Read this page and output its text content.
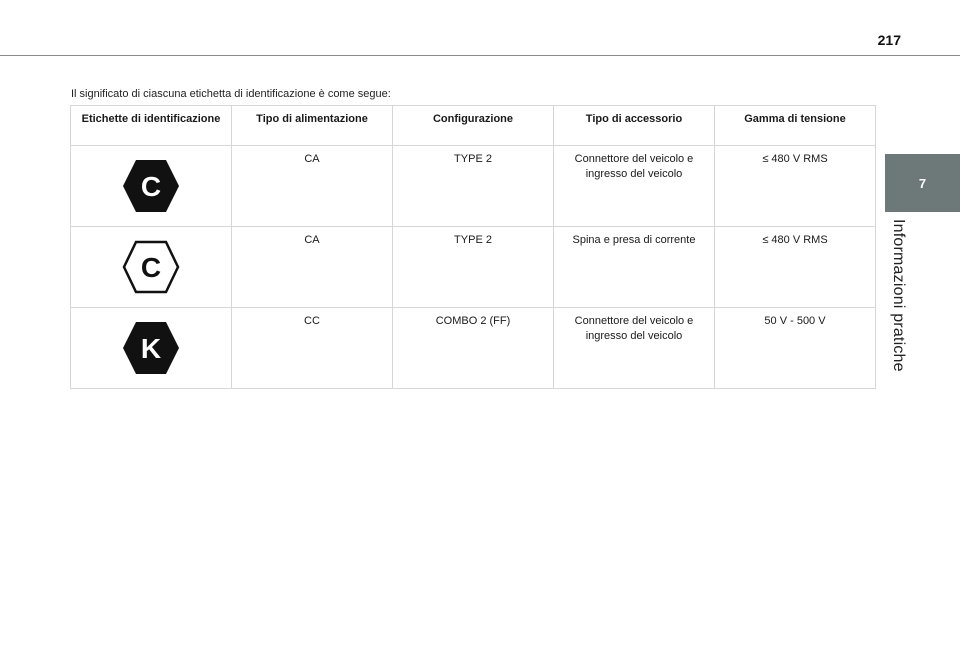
217
7
Informazioni pratiche
Il significato di ciascuna etichetta di identificazione è come segue:
Etichette di identificazione	Tipo di alimentazione	Configurazione	Tipo di accessorio	Gamma di tensione

C	CA	TYPE 2	Connettore del veicolo e ingresso del veicolo	≤ 480 V RMS

C	CA	TYPE 2	Spina e presa di corrente	≤ 480 V RMS

K	CC	COMBO 2 (FF)	Connettore del veicolo e ingresso del veicolo	50 V - 500 V
